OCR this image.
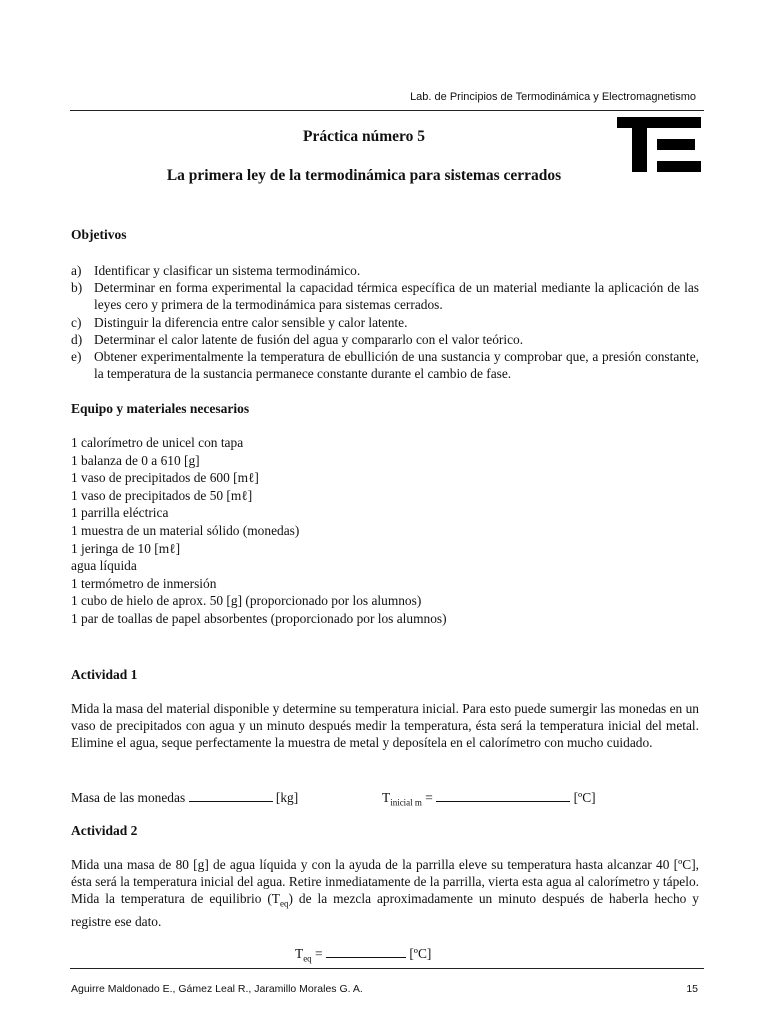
Lab. de Principios de Termodinámica y Electromagnetismo
Práctica número 5
La primera ley de la termodinámica para sistemas cerrados
Objetivos
a) Identificar y clasificar un sistema termodinámico.
b) Determinar en forma experimental la capacidad térmica específica de un material mediante la aplicación de las leyes cero y primera de la termodinámica para sistemas cerrados.
c) Distinguir la diferencia entre calor sensible y calor latente.
d) Determinar el calor latente de fusión del agua y compararlo con el valor teórico.
e) Obtener experimentalmente la temperatura de ebullición de una sustancia y comprobar que, a presión constante, la temperatura de la sustancia permanece constante durante el cambio de fase.
Equipo y materiales necesarios
1 calorímetro de unicel con tapa
1 balanza de 0 a 610 [g]
1 vaso de precipitados de 600 [mℓ]
1 vaso de precipitados de 50 [mℓ]
1 parrilla eléctrica
1 muestra de un material sólido (monedas)
1 jeringa de 10 [mℓ]
agua líquida
1 termómetro de inmersión
1 cubo de hielo de aprox. 50 [g] (proporcionado por los alumnos)
1 par de toallas de papel absorbentes (proporcionado por los alumnos)
Actividad 1
Mida la masa del material disponible y determine su temperatura inicial. Para esto puede sumergir las monedas en un vaso de precipitados con agua y un minuto después medir la temperatura, ésta será la temperatura inicial del metal. Elimine el agua, seque perfectamente la muestra de metal y deposítela en el calorímetro con mucho cuidado.
Masa de las monedas	[kg]	$T_{inicial m}$ =	[ºC]
Actividad 2
Mida una masa de 80 [g] de agua líquida y con la ayuda de la parrilla eleve su temperatura hasta alcanzar 40 [ºC], ésta será la temperatura inicial del agua. Retire inmediatamente de la parrilla, vierta esta agua al calorímetro y tápelo. Mida la temperatura de equilibrio $(T_{eq})$ de la mezcla aproximadamente un minuto después de haberla hecho y registre ese dato.
$T_{eq}$ =	[ºC]
Aguirre Maldonado E., Gámez Leal R., Jaramillo Morales G. A.	15
